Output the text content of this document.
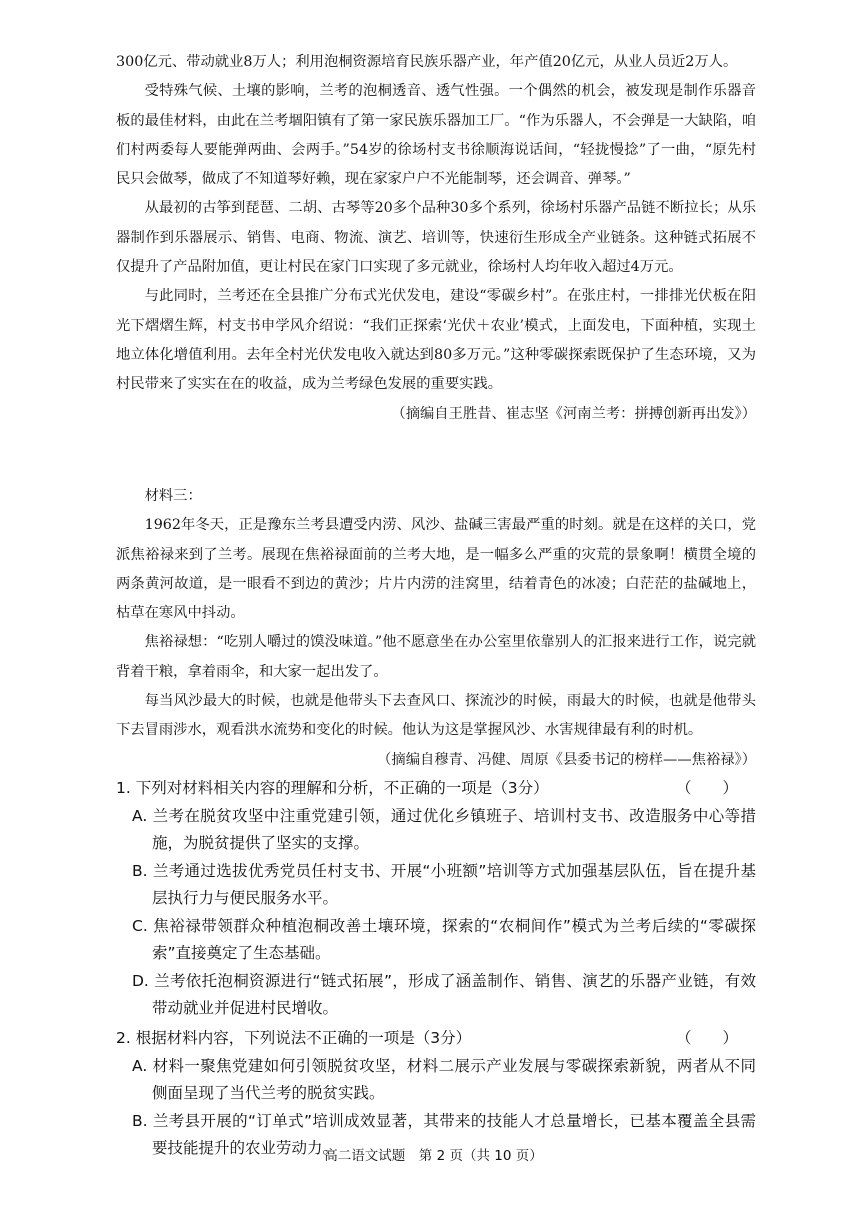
300亿元、带动就业8万人；利用泡桐资源培育民族乐器产业，年产值20亿元，从业人员近2万人。

受特殊气候、土壤的影响，兰考的泡桐透音、透气性强。一个偶然的机会，被发现是制作乐器音板的最佳材料，由此在兰考堌阳镇有了第一家民族乐器加工厂。“作为乐器人，不会弹是一大缺陷，咱们村两委每人要能弹两曲、会两手。”54岁的徐场村支书徐顺海说话间，“轻拢慢捻”了一曲，“原先村民只会做琴，做成了不知道琴好赖，现在家家户户不光能制琴，还会调音、弹琴。”

从最初的古筝到琵琶、二胡、古琴等20多个品种30多个系列，徐场村乐器产品链不断拉长；从乐器制作到乐器展示、销售、电商、物流、演艺、培训等，快速衍生形成全产业链条。这种链式拓展不仅提升了产品附加值，更让村民在家门口实现了多元就业，徐场村人均年收入超过4万元。

与此同时，兰考还在全县推广分布式光伏发电，建设“零碳乡村”。在张庄村，一排排光伏板在阳光下熠熠生辉，村支书申学风介绍说：“我们正探索‘光伏＋农业’模式，上面发电，下面种植，实现土地立体化增值利用。去年全村光伏发电收入就达到80多万元。”这种零碳探索既保护了生态环境，又为村民带来了实实在在的收益，成为兰考绿色发展的重要实践。

（摘编自王胜昔、崔志坚《河南兰考：拼搏创新再出发》）

材料三：

1962年冬天，正是豫东兰考县遭受内涝、风沙、盐碱三害最严重的时刻。就是在这样的关口，党派焦裕禄来到了兰考。展现在焦裕禄面前的兰考大地，是一幅多么严重的灾荒的景象啊！横贯全境的两条黄河故道，是一眼看不到边的黄沙；片片内涝的洼窝里，结着青色的冰凌；白茫茫的盐碱地上，枯草在寒风中抖动。

焦裕禄想：“吃别人嚼过的馍没味道。”他不愿意坐在办公室里依靠别人的汇报来进行工作，说完就背着干粮，拿着雨伞，和大家一起出发了。

每当风沙最大的时候，也就是他带头下去查风口、探流沙的时候，雨最大的时候，也就是他带头下去冒雨涉水，观看洪水流势和变化的时候。他认为这是掌握风沙、水害规律最有利的时机。

（摘编自穆青、冯健、周原《县委书记的榜样——焦裕禄》）

1. 下列对材料相关内容的理解和分析，不正确的一项是（3分）	（　　）
A. 兰考在脱贫攻坚中注重党建引领，通过优化乡镇班子、培训村支书、改造服务中心等措施，为脱贫提供了坚实的支撑。
B. 兰考通过选拔优秀党员任村支书、开展“小班额”培训等方式加强基层队伍，旨在提升基层执行力与便民服务水平。
C. 焦裕禄带领群众种植泡桐改善土壤环境，探索的“农桐间作”模式为兰考后续的“零碳探索”直接奠定了生态基础。
D. 兰考依托泡桐资源进行“链式拓展”，形成了涵盖制作、销售、演艺的乐器产业链，有效带动就业并促进村民增收。
2. 根据材料内容，下列说法不正确的一项是（3分）	（　　）
A. 材料一聚焦党建如何引领脱贫攻坚，材料二展示产业发展与零碳探索新貌，两者从不同侧面呈现了当代兰考的脱贫实践。
B. 兰考县开展的“订单式”培训成效显著，其带来的技能人才总量增长，已基本覆盖全县需要技能提升的农业劳动力。
高二语文试题　第 2 页（共 10 页）
